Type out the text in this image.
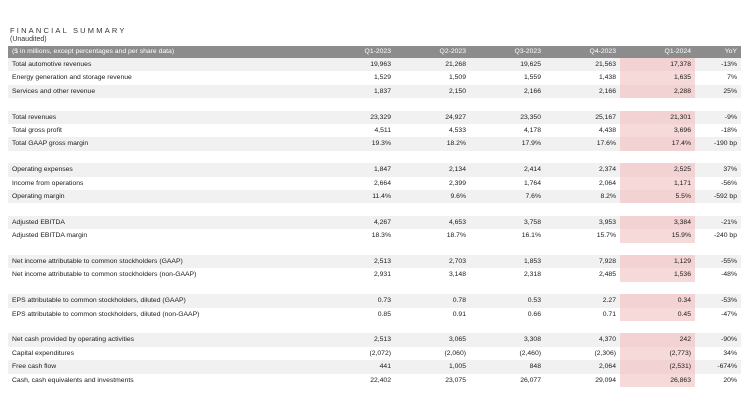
FINANCIAL SUMMARY
(Unaudited)
($ in millions, except percentages and per share data)	Q1-2023	Q2-2023	Q3-2023	Q4-2023	Q1-2024	YoY
Total automotive revenues	19,963	21,268	19,625	21,563	17,378	-13%
Energy generation and storage revenue	1,529	1,509	1,559	1,438	1,635	7%
Services and other revenue	1,837	2,150	2,166	2,166	2,288	25%

Total revenues	23,329	24,927	23,350	25,167	21,301	-9%
Total gross profit	4,511	4,533	4,178	4,438	3,696	-18%
Total GAAP gross margin	19.3%	18.2%	17.9%	17.6%	17.4%	-190 bp

Operating expenses	1,847	2,134	2,414	2,374	2,525	37%
Income from operations	2,664	2,399	1,764	2,064	1,171	-56%
Operating margin	11.4%	9.6%	7.6%	8.2%	5.5%	-592 bp

Adjusted EBITDA	4,267	4,653	3,758	3,953	3,384	-21%
Adjusted EBITDA margin	18.3%	18.7%	16.1%	15.7%	15.9%	-240 bp

Net income attributable to common stockholders (GAAP)	2,513	2,703	1,853	7,928	1,129	-55%
Net income attributable to common stockholders (non-GAAP)	2,931	3,148	2,318	2,485	1,536	-48%

EPS attributable to common stockholders, diluted (GAAP)	0.73	0.78	0.53	2.27	0.34	-53%
EPS attributable to common stockholders, diluted (non-GAAP)	0.85	0.91	0.66	0.71	0.45	-47%

Net cash provided by operating activities	2,513	3,065	3,308	4,370	242	-90%
Capital expenditures	(2,072)	(2,060)	(2,460)	(2,306)	(2,773)	34%
Free cash flow	441	1,005	848	2,064	(2,531)	-674%
Cash, cash equivalents and investments	22,402	23,075	26,077	29,094	26,863	20%
